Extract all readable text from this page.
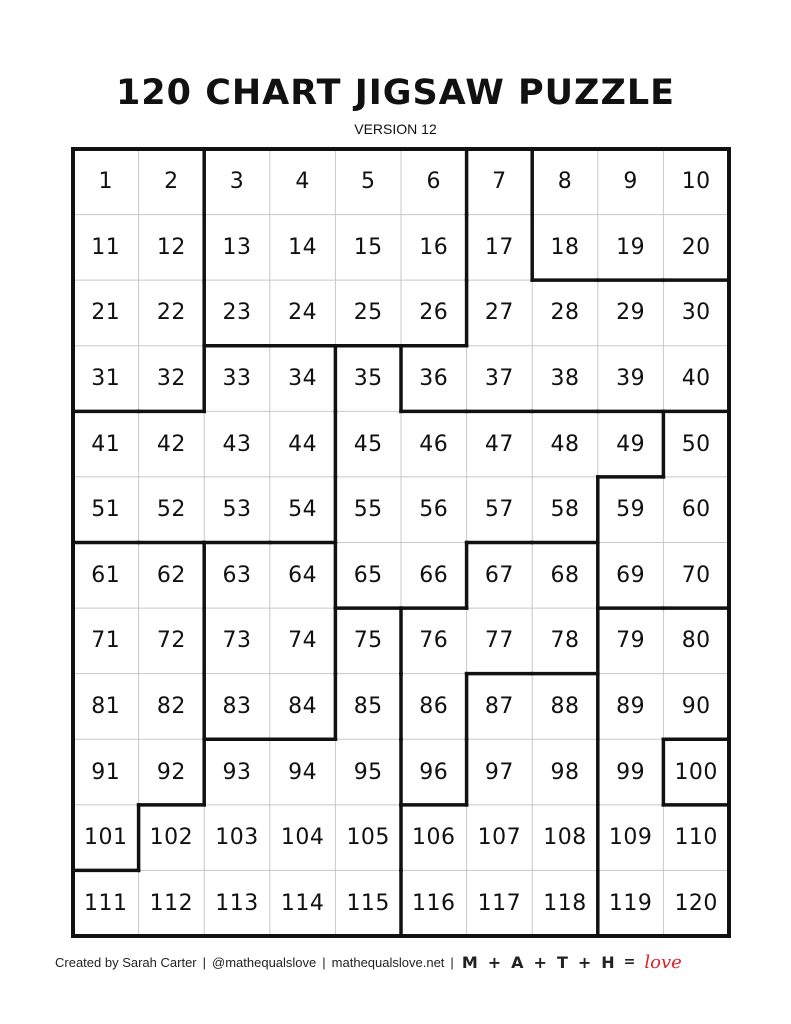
120 CHART JIGSAW PUZZLE
VERSION 12
1	2	3	4	5	6	7	8	9	10
11	12	13	14	15	16	17	18	19	20
21	22	23	24	25	26	27	28	29	30
31	32	33	34	35	36	37	38	39	40
41	42	43	44	45	46	47	48	49	50
51	52	53	54	55	56	57	58	59	60
61	62	63	64	65	66	67	68	69	70
71	72	73	74	75	76	77	78	79	80
81	82	83	84	85	86	87	88	89	90
91	92	93	94	95	96	97	98	99	100
101	102	103	104	105	106	107	108	109	110
111	112	113	114	115	116	117	118	119	120
Created by Sarah Carter | @mathequalslove | mathequalslove.net | M + A + T + H = love
